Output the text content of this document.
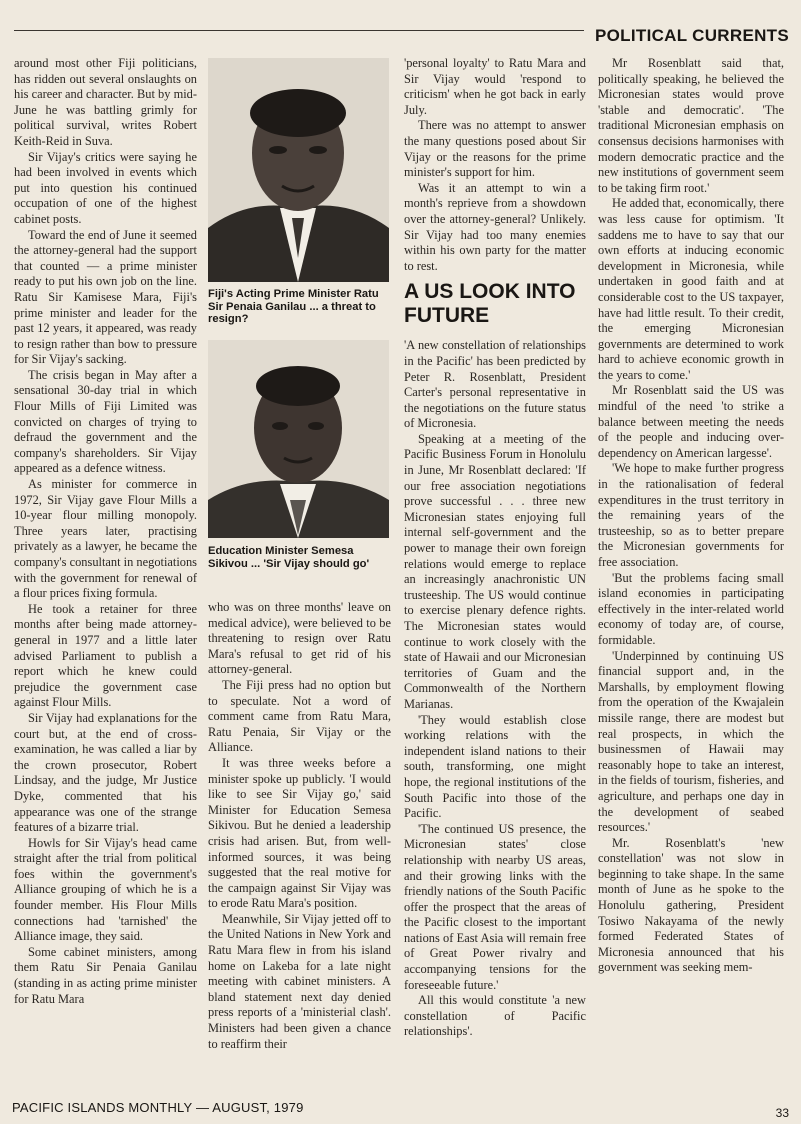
POLITICAL CURRENTS

around most other Fiji politicians, has ridden out several onslaughts on his career and character. But by mid-June he was battling grimly for political survival, writes Robert Keith-Reid in Suva.

Sir Vijay's critics were saying he had been involved in events which put into question his continued occupation of one of the highest cabinet posts.

Toward the end of June it seemed the attorney-general had the support that counted — a prime minister ready to put his own job on the line. Ratu Sir Kamisese Mara, Fiji's prime minister and leader for the past 12 years, it appeared, was ready to resign rather than bow to pressure for Sir Vijay's sacking.

The crisis began in May after a sensational 30-day trial in which Flour Mills of Fiji Limited was convicted on charges of trying to defraud the government and the company's shareholders. Sir Vijay appeared as a defence witness.

As minister for commerce in 1972, Sir Vijay gave Flour Mills a 10-year flour milling monopoly. Three years later, practising privately as a lawyer, he became the company's consultant in negotiations with the government for renewal of a flour prices fixing formula.

He took a retainer for three months after being made attorney-general in 1977 and a little later advised Parliament to publish a report which he knew could prejudice the government case against Flour Mills.

Sir Vijay had explanations for the court but, at the end of cross-examination, he was called a liar by the crown prosecutor, Robert Lindsay, and the judge, Mr Justice Dyke, commented that his appearance was one of the strange features of a bizarre trial.

Howls for Sir Vijay's head came straight after the trial from political foes within the government's Alliance grouping of which he is a founder member. His Flour Mills connections had 'tarnished' the Alliance image, they said.

Some cabinet ministers, among them Ratu Sir Penaia Ganilau (standing in as acting prime minister for Ratu Mara

Fiji's Acting Prime Minister Ratu Sir Penaia Ganilau ... a threat to resign?
Education Minister Semesa Sikivou ... 'Sir Vijay should go'

who was on three months' leave on medical advice), were believed to be threatening to resign over Ratu Mara's refusal to get rid of his attorney-general.

The Fiji press had no option but to speculate. Not a word of comment came from Ratu Mara, Ratu Penaia, Sir Vijay or the Alliance.

It was three weeks before a minister spoke up publicly. 'I would like to see Sir Vijay go,' said Minister for Education Semesa Sikivou. But he denied a leadership crisis had arisen. But, from well-informed sources, it was being suggested that the real motive for the campaign against Sir Vijay was to erode Ratu Mara's position.

Meanwhile, Sir Vijay jetted off to the United Nations in New York and Ratu Mara flew in from his island home on Lakeba for a late night meeting with cabinet ministers. A bland statement next day denied press reports of a 'ministerial clash'. Ministers had been given a chance to reaffirm their

'personal loyalty' to Ratu Mara and Sir Vijay would 'respond to criticism' when he got back in early July.

There was no attempt to answer the many questions posed about Sir Vijay or the reasons for the prime minister's support for him.

Was it an attempt to win a month's reprieve from a showdown over the attorney-general? Unlikely. Sir Vijay had too many enemies within his own party for the matter to rest.

A US LOOK INTO FUTURE

'A new constellation of relationships in the Pacific' has been predicted by Peter R. Rosenblatt, President Carter's personal representative in the negotiations on the future status of Micronesia.

Speaking at a meeting of the Pacific Business Forum in Honolulu in June, Mr Rosenblatt declared: 'If our free association negotiations prove successful . . . three new Micronesian states enjoying full internal self-government and the power to manage their own foreign relations would emerge to replace an increasingly anachronistic UN trusteeship. The US would continue to exercise plenary defence rights. The Micronesian states would continue to work closely with the state of Hawaii and our Micronesian territories of Guam and the Commonwealth of the Northern Marianas.

'They would establish close working relations with the independent island nations to their south, transforming, one might hope, the regional institutions of the South Pacific into those of the Pacific.

'The continued US presence, the Micronesian states' close relationship with nearby US areas, and their growing links with the friendly nations of the South Pacific offer the prospect that the areas of the Pacific closest to the important nations of East Asia will remain free of Great Power rivalry and accompanying tensions for the foreseeable future.'

All this would constitute 'a new constellation of Pacific relationships'.

Mr Rosenblatt said that, politically speaking, he believed the Micronesian states would prove 'stable and democratic'. 'The traditional Micronesian emphasis on consensus decisions harmonises with modern democratic practice and the new institutions of government seem to be taking firm root.'

He added that, economically, there was less cause for optimism. 'It saddens me to have to say that our own efforts at inducing economic development in Micronesia, while undertaken in good faith and at considerable cost to the US taxpayer, have had little result. To their credit, the emerging Micronesian governments are determined to work hard to achieve economic growth in the years to come.'

Mr Rosenblatt said the US was mindful of the need 'to strike a balance between meeting the needs of the people and inducing over-dependency on American largesse'.

'We hope to make further progress in the rationalisation of federal expenditures in the trust territory in the remaining years of the trusteeship, so as to better prepare the Micronesian governments for free association.

'But the problems facing small island economies in participating effectively in the inter-related world economy of today are, of course, formidable.

'Underpinned by continuing US financial support and, in the Marshalls, by employment flowing from the operation of the Kwajalein missile range, there are modest but real prospects, in which the businessmen of Hawaii may reasonably hope to take an interest, in the fields of tourism, fisheries, and agriculture, and perhaps one day in the development of seabed resources.'

Mr. Rosenblatt's 'new constellation' was not slow in beginning to take shape. In the same month of June as he spoke to the Honolulu gathering, President Tosiwo Nakayama of the newly formed Federated States of Micronesia announced that his government was seeking mem-

PACIFIC ISLANDS MONTHLY — AUGUST, 1979	33
